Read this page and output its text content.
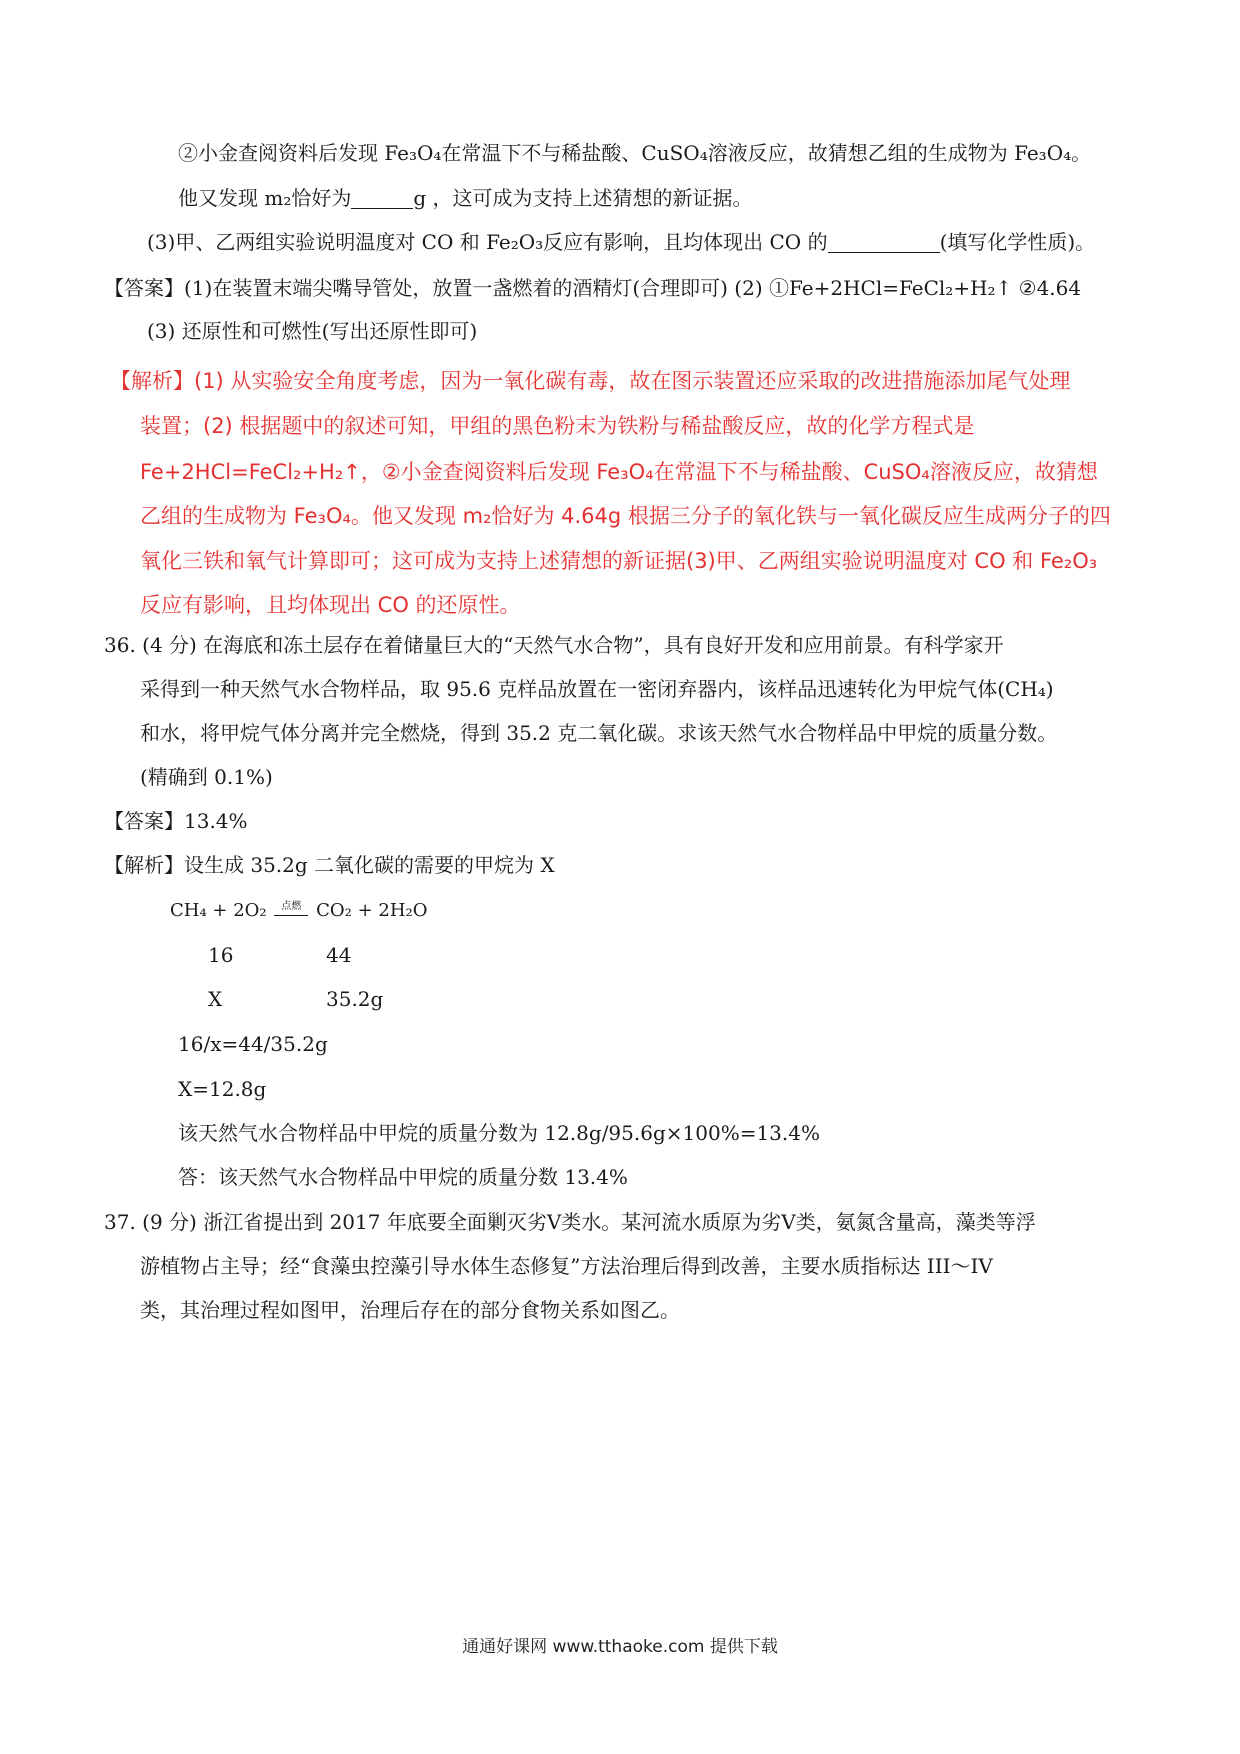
②小金查阅资料后发现 Fe₃O₄在常温下不与稀盐酸、CuSO₄溶液反应，故猜想乙组的生成物为 Fe₃O₄。
他又发现 m₂恰好为	g ，这可成为支持上述猜想的新证据。
(3)甲、乙两组实验说明温度对 CO 和 Fe₂O₃反应有影响，且均体现出 CO 的	(填写化学性质)。
【答案】(1)在装置末端尖嘴导管处，放置一盏燃着的酒精灯(合理即可) (2) ①Fe+2HCl=FeCl₂+H₂↑ ②4.64
(3) 还原性和可燃性(写出还原性即可)
【解析】(1) 从实验安全角度考虑，因为一氧化碳有毒，故在图示装置还应采取的改进措施添加尾气处理
装置；(2) 根据题中的叙述可知，甲组的黑色粉末为铁粉与稀盐酸反应，故的化学方程式是
Fe+2HCl=FeCl₂+H₂↑，②小金查阅资料后发现 Fe₃O₄在常温下不与稀盐酸、CuSO₄溶液反应，故猜想
乙组的生成物为 Fe₃O₄。他又发现 m₂恰好为 4.64g 根据三分子的氧化铁与一氧化碳反应生成两分子的四
氧化三铁和氧气计算即可；这可成为支持上述猜想的新证据(3)甲、乙两组实验说明温度对 CO 和 Fe₂O₃
反应有影响，且均体现出 CO 的还原性。
36. (4 分) 在海底和冻土层存在着储量巨大的“天然气水合物”，具有良好开发和应用前景。有科学家开
采得到一种天然气水合物样品，取 95.6 克样品放置在一密闭弃器内，该样品迅速转化为甲烷气体(CH₄)
和水，将甲烷气体分离并完全燃烧，得到 35.2 克二氧化碳。求该天然气水合物样品中甲烷的质量分数。
(精确到 0.1%)
【答案】13.4%
【解析】设生成 35.2g 二氧化碳的需要的甲烷为 X
CH₄ + 2O₂	点燃 CO₂ + 2H₂O
16	44
X	35.2g
16/x=44/35.2g
X=12.8g
该天然气水合物样品中甲烷的质量分数为 12.8g/95.6g×100%=13.4%
答：该天然气水合物样品中甲烷的质量分数 13.4%
37. (9 分) 浙江省提出到 2017 年底要全面剿灭劣Ⅴ类水。某河流水质原为劣Ⅴ类，氨氮含量高，藻类等浮
游植物占主导；经“食藻虫控藻引导水体生态修复”方法治理后得到改善，主要水质指标达 III～IV
类，其治理过程如图甲，治理后存在的部分食物关系如图乙。
通通好课网 www.tthaoke.com 提供下载
